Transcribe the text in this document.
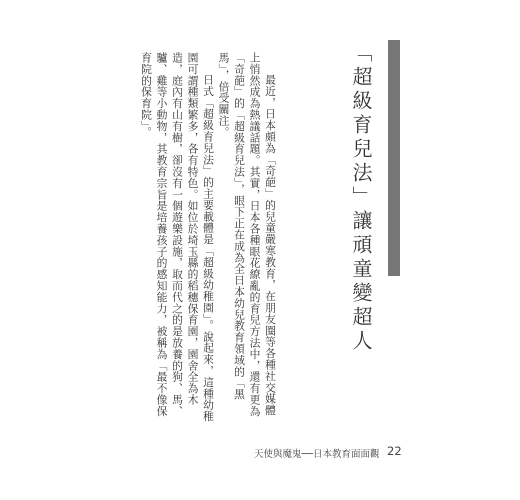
「超級育兒法」讓頑童變超人

最近，日本頗為「奇葩」的兒童嚴寒教育，在朋友圈等各種社交媒體上悄然成為熱議話題。其實，日本各種眼花繚亂的育兒方法中，還有更為「奇葩」的「超級育兒法」，眼下正在成為全日本幼兒教育領域的「黑馬」，倍受關注。

日式「超級育兒法」的主要載體是「超級幼稚園」。說起來，這種幼稚園可謂種類繁多，各有特色。如位於埼玉縣的稻穗保育園，園舍全為木造，庭內有山有樹，卻沒有一個遊樂設施，取而代之的是放養的狗、馬、驢、雞等小動物，其教育宗旨是培養孩子的感知能力，被稱為「最不像保育院的保育院」。

天使與魔鬼──日本教育面面觀 22
